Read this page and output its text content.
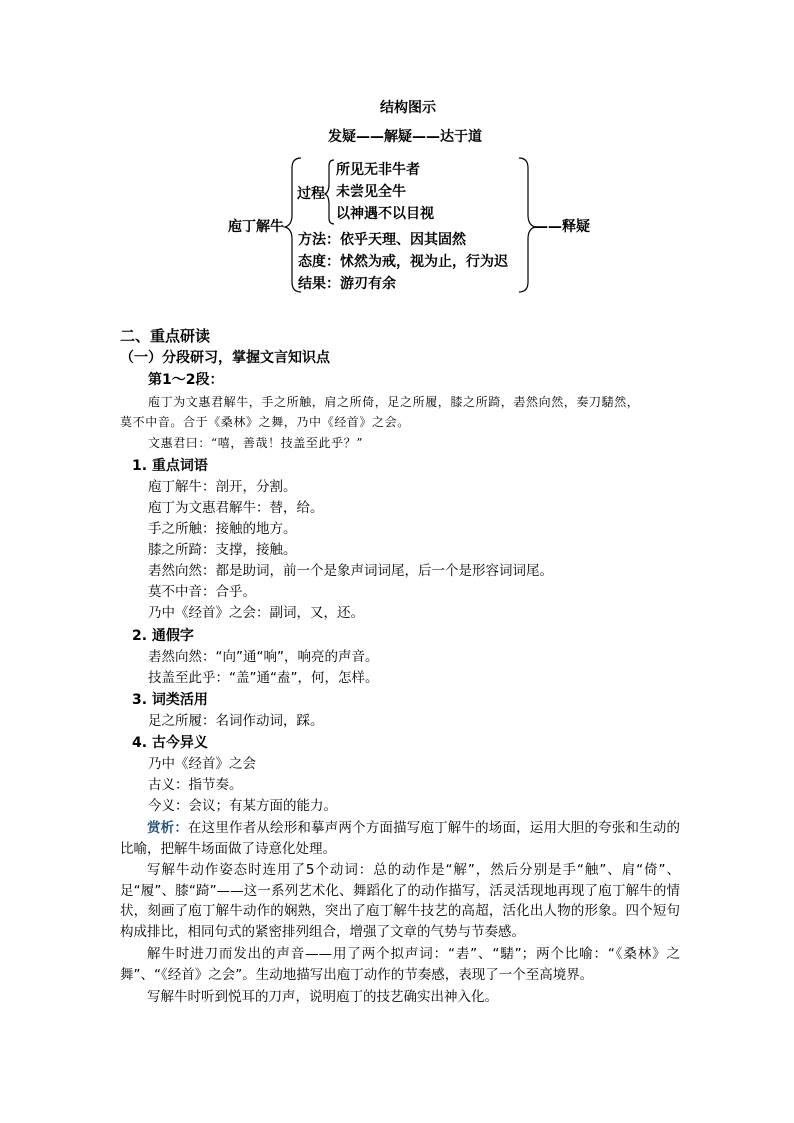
结构图示
发疑——解疑——达于道
庖丁解牛
过程
所见无非牛者
未尝见全牛
以神遇不以目视
方法：依乎天理、因其固然
态度：怵然为戒，视为止，行为迟
结果：游刃有余
——释疑
二、重点研读
（一）分段研习，掌握文言知识点
第1～2段：
庖丁为文惠君解牛，手之所触，肩之所倚，足之所履，膝之所踦，砉然向然，奏刀騞然，
莫不中音。合于《桑林》之舞，乃中《经首》之会。
文惠君曰：“嘻，善哉！技盖至此乎？”
1. 重点词语
庖丁解牛：剖开，分割。
庖丁为文惠君解牛：替，给。
手之所触：接触的地方。
膝之所踦：支撑，接触。
砉然向然：都是助词，前一个是象声词词尾，后一个是形容词词尾。
莫不中音：合乎。
乃中《经首》之会：副词，又，还。
2. 通假字
砉然向然：“向”通“响”，响亮的声音。
技盖至此乎：“盖”通“盍”，何，怎样。
3. 词类活用
足之所履：名词作动词，踩。
4. 古今异义
乃中《经首》之会
古义：指节奏。
今义：会议；有某方面的能力。
赏析：在这里作者从绘形和摹声两个方面描写庖丁解牛的场面，运用大胆的夸张和生动的比喻，把解牛场面做了诗意化处理。
写解牛动作姿态时连用了5个动词：总的动作是“解”，然后分别是手“触”、肩“倚”、足“履”、膝“踦”——这一系列艺术化、舞蹈化了的动作描写，活灵活现地再现了庖丁解牛的情状，刻画了庖丁解牛动作的娴熟，突出了庖丁解牛技艺的高超，活化出人物的形象。四个短句构成排比，相同句式的紧密排列组合，增强了文章的气势与节奏感。
解牛时进刀而发出的声音——用了两个拟声词：“砉”、“騞”；两个比喻：“《桑林》之舞”、“《经首》之会”。生动地描写出庖丁动作的节奏感，表现了一个至高境界。
写解牛时听到悦耳的刀声，说明庖丁的技艺确实出神入化。
